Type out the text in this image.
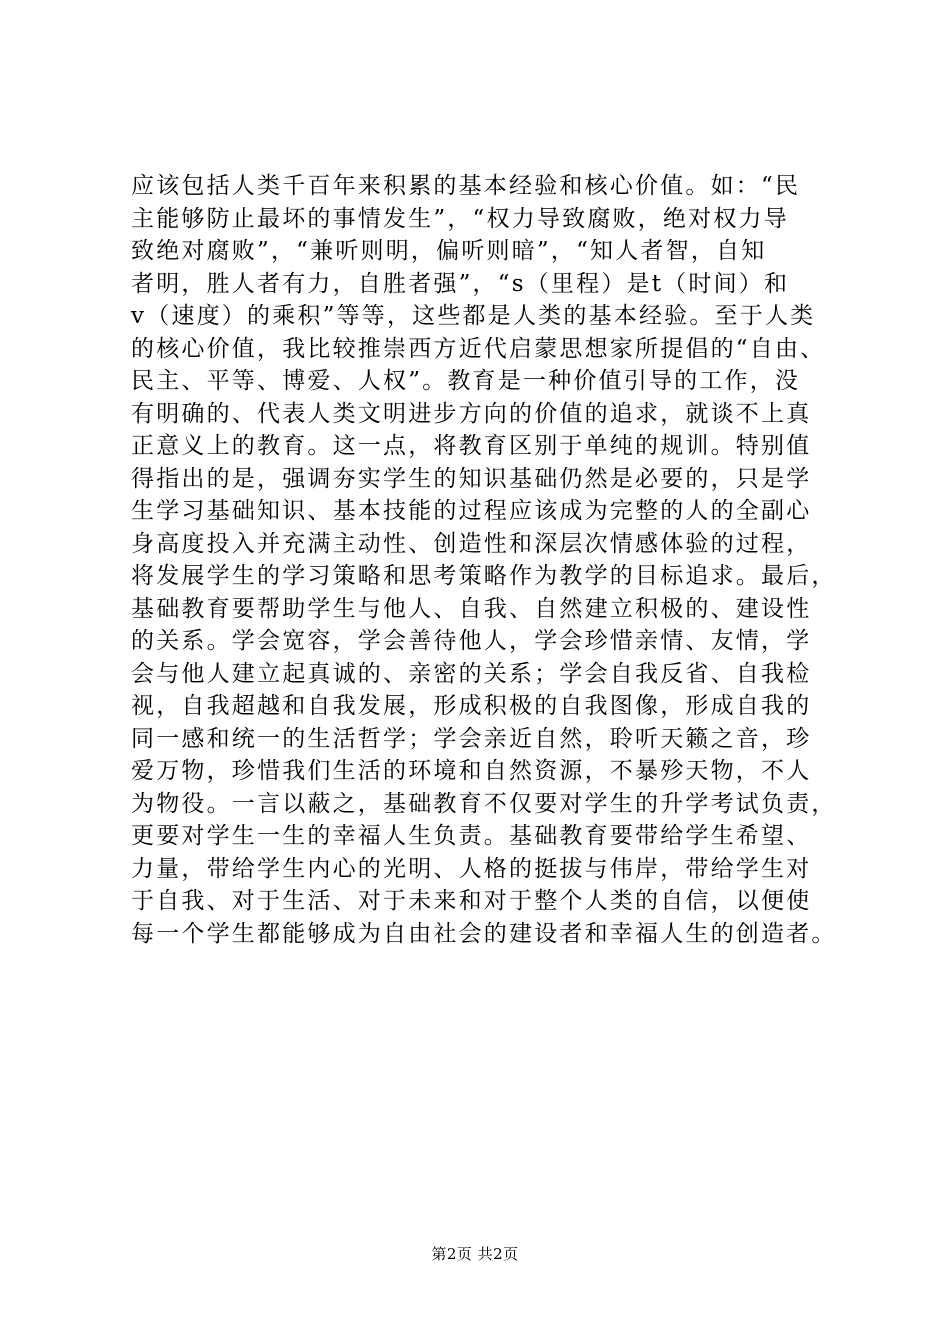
应该包括人类千百年来积累的基本经验和核心价值。如：“民
主能够防止最坏的事情发生”，“权力导致腐败，绝对权力导
致绝对腐败”，“兼听则明，偏听则暗”，“知人者智，自知
者明，胜人者有力，自胜者强”，“s（里程）是t（时间）和
v（速度）的乘积”等等，这些都是人类的基本经验。至于人类
的核心价值，我比较推崇西方近代启蒙思想家所提倡的“自由、
民主、平等、博爱、人权”。教育是一种价值引导的工作，没
有明确的、代表人类文明进步方向的价值的追求，就谈不上真
正意义上的教育。这一点，将教育区别于单纯的规训。特别值
得指出的是，强调夯实学生的知识基础仍然是必要的，只是学
生学习基础知识、基本技能的过程应该成为完整的人的全副心
身高度投入并充满主动性、创造性和深层次情感体验的过程，
将发展学生的学习策略和思考策略作为教学的目标追求。最后，
基础教育要帮助学生与他人、自我、自然建立积极的、建设性
的关系。学会宽容，学会善待他人，学会珍惜亲情、友情，学
会与他人建立起真诚的、亲密的关系；学会自我反省、自我检
视，自我超越和自我发展，形成积极的自我图像，形成自我的
同一感和统一的生活哲学；学会亲近自然，聆听天籁之音，珍
爱万物，珍惜我们生活的环境和自然资源，不暴殄天物，不人
为物役。一言以蔽之，基础教育不仅要对学生的升学考试负责，
更要对学生一生的幸福人生负责。基础教育要带给学生希望、
力量，带给学生内心的光明、人格的挺拔与伟岸，带给学生对
于自我、对于生活、对于未来和对于整个人类的自信，以便使
每一个学生都能够成为自由社会的建设者和幸福人生的创造者。
第2页 共2页
